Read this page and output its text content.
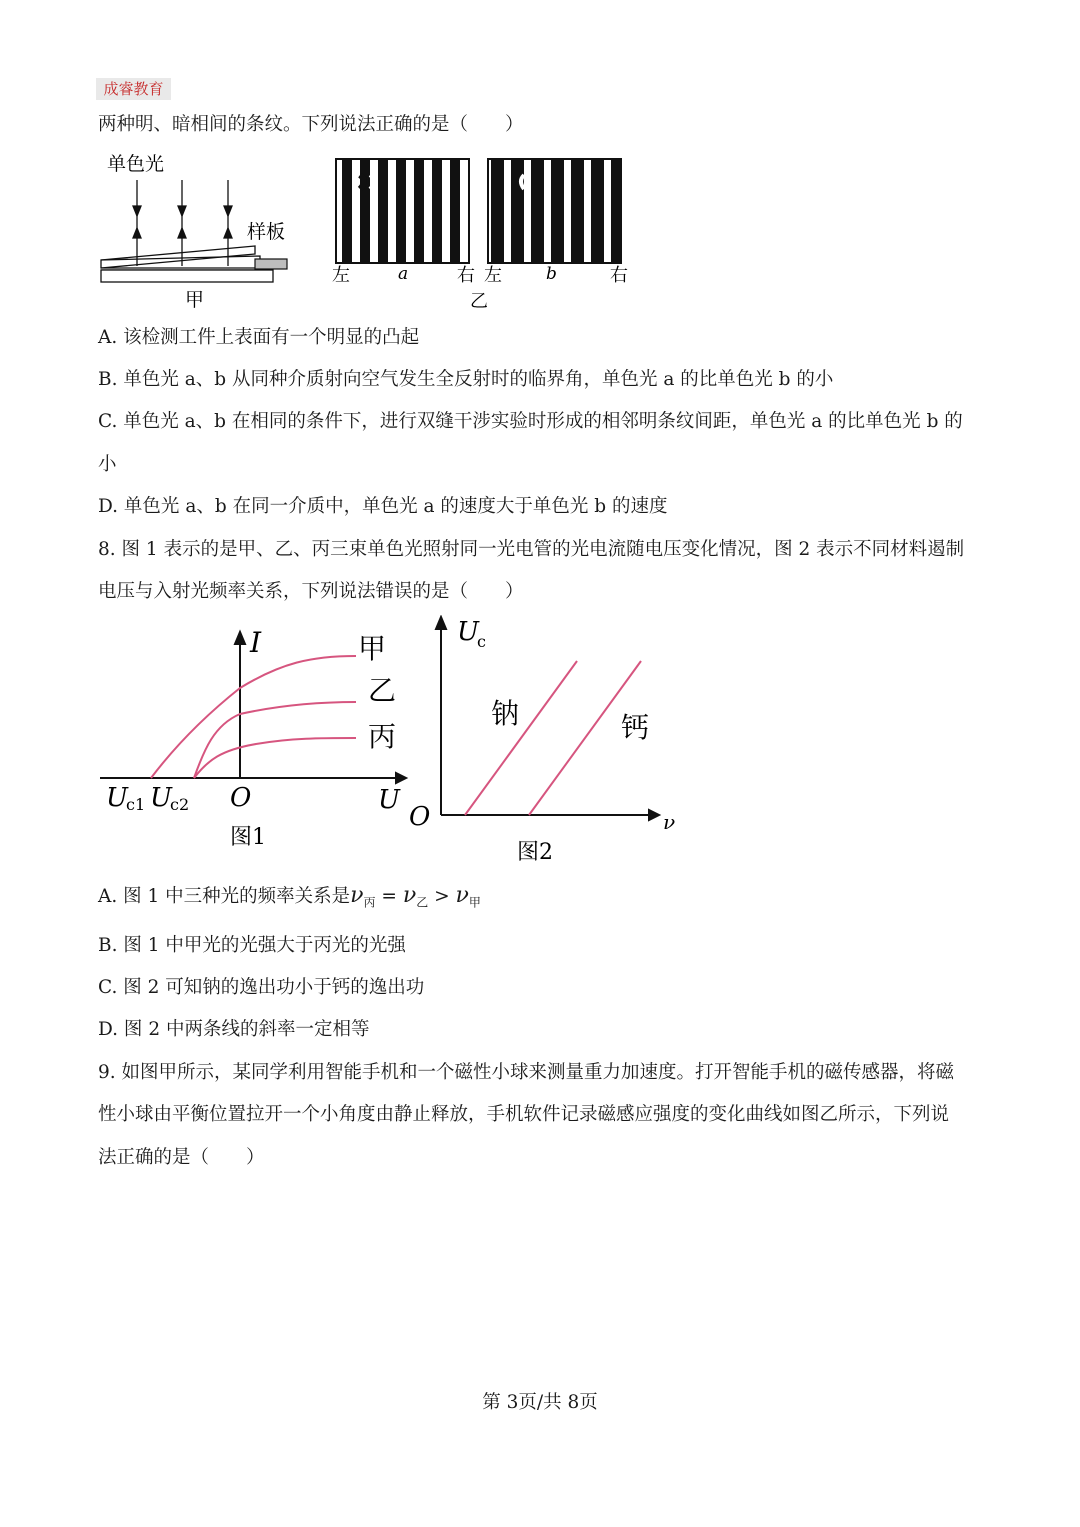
成睿教育
两种明、暗相间的条纹。下列说法正确的是（　　）
单色光
样板
甲
左	a	右 左	b	右
乙
A. 该检测工件上表面有一个明显的凸起
B. 单色光 a、b 从同种介质射向空气发生全反射时的临界角，单色光 a 的比单色光 b 的小
C. 单色光 a、b 在相同的条件下，进行双缝干涉实验时形成的相邻明条纹间距，单色光 a 的比单色光 b 的
小
D. 单色光 a、b 在同一介质中，单色光 a 的速度大于单色光 b 的速度
8. 图 1 表示的是甲、乙、丙三束单色光照射同一光电管的光电流随电压变化情况，图 2 表示不同材料遏制
电压与入射光频率关系，下列说法错误的是（　　）
I	甲
乙
丙
U
c1 U
c2 O	U
图1
U
c
钠	钙
O	ν
图2
A. 图 1 中三种光的频率关系是$\nu_丙 = \nu_乙 > \nu_甲$
B. 图 1 中甲光的光强大于丙光的光强
C. 图 2 可知钠的逸出功小于钙的逸出功
D. 图 2 中两条线的斜率一定相等
9. 如图甲所示，某同学利用智能手机和一个磁性小球来测量重力加速度。打开智能手机的磁传感器，将磁
性小球由平衡位置拉开一个小角度由静止释放，手机软件记录磁感应强度的变化曲线如图乙所示，下列说
法正确的是（　　）
第 3页/共 8页
